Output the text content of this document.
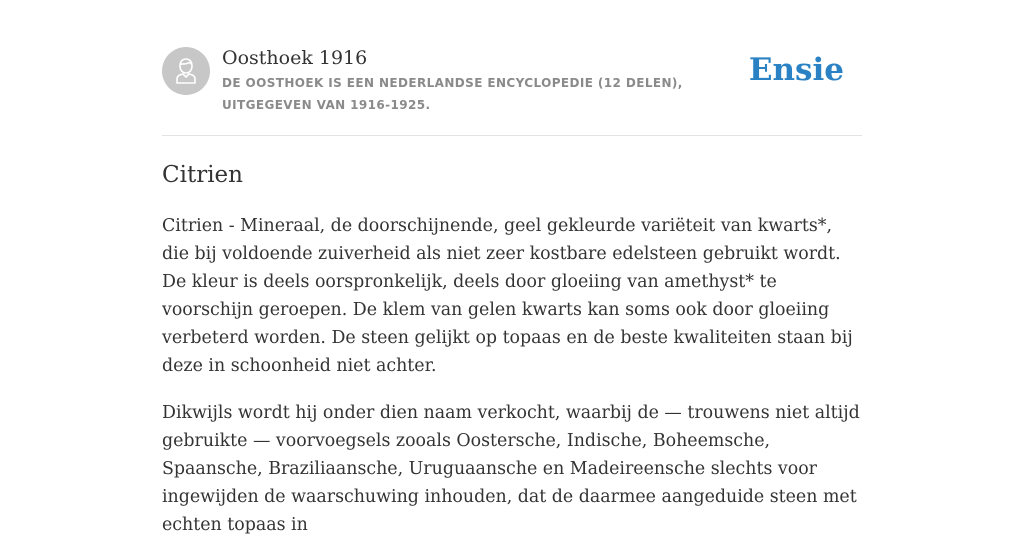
Oosthoek 1916
DE OOSTHOEK IS EEN NEDERLANDSE ENCYCLOPEDIE (12 DELEN), UITGEGEVEN VAN 1916-1925.
Ensie
Citrien

Citrien - Mineraal, de doorschijnende, geel gekleurde variëteit van kwarts*, die bij voldoende zuiverheid als niet zeer kostbare edelsteen gebruikt wordt. De kleur is deels oorspronkelijk, deels door gloeiing van amethyst* te voorschijn geroepen. De klem van gelen kwarts kan soms ook door gloeiing verbeterd worden. De steen gelijkt op topaas en de beste kwaliteiten staan bij deze in schoonheid niet achter.

Dikwijls wordt hij onder dien naam verkocht, waarbij de — trouwens niet altijd gebruikte — voorvoegsels zooals Oostersche, Indische, Boheemsche, Spaansche, Braziliaansche, Uruguaansche en Madeireensche slechts voor ingewijden de waarschuwing inhouden, dat de daarmee aangeduide steen met echten topaas in
